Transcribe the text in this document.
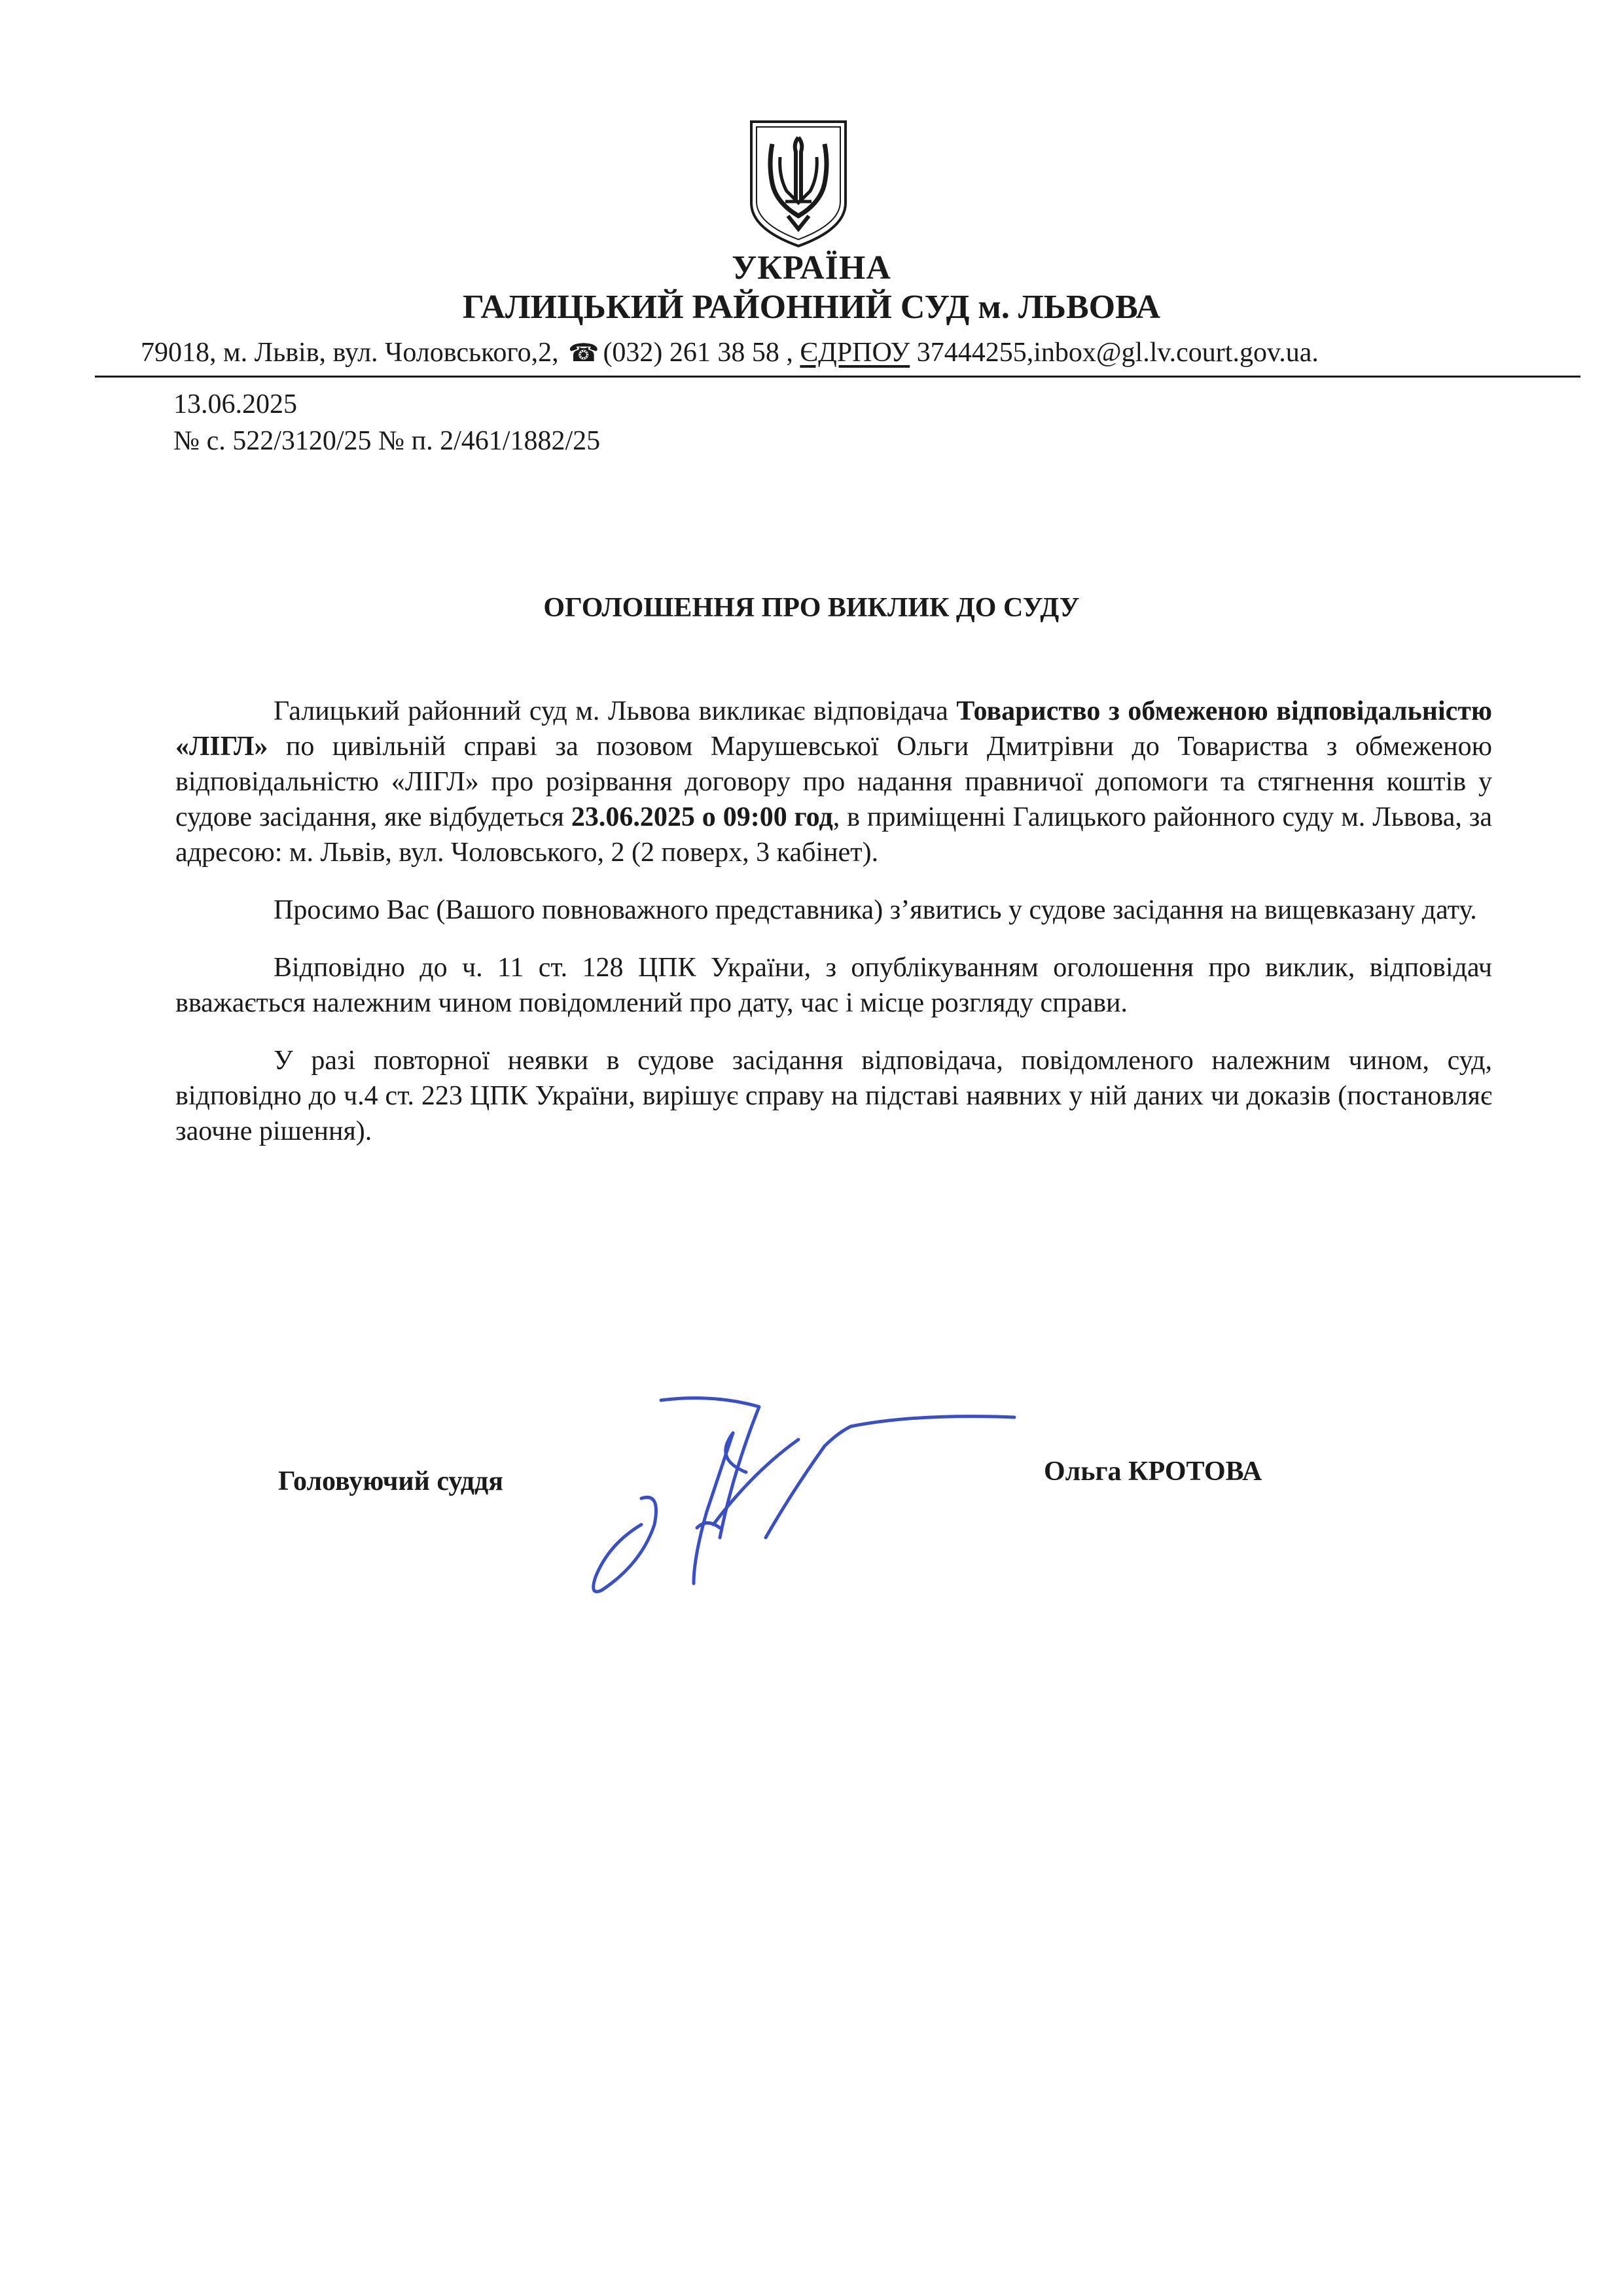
УКРАЇНА
ГАЛИЦЬКИЙ РАЙОННИЙ СУД м. ЛЬВОВА
79018, м. Львів, вул. Чоловського,2, ☎ (032) 261 38 58 , ЄДРПОУ 37444255,inbox@gl.lv.court.gov.ua.
13.06.2025
№ с. 522/3120/25 № п. 2/461/1882/25
ОГОЛОШЕННЯ ПРО ВИКЛИК ДО СУДУ

Галицький районний суд м. Львова викликає відповідача Товариство з обмеженою відповідальністю «ЛІГЛ» по цивільній справі за позовом Марушевської Ольги Дмитрівни до Товариства з обмеженою відповідальністю «ЛІГЛ» про розірвання договору про надання правничої допомоги та стягнення коштів у судове засідання, яке відбудеться 23.06.2025 о 09:00 год, в приміщенні Галицького районного суду м. Львова, за адресою: м. Львів, вул. Чоловського, 2 (2 поверх, 3 кабінет).

Просимо Вас (Вашого повноважного представника) з’явитись у судове засідання на вищевказану дату.

Відповідно до ч. 11 ст. 128 ЦПК України, з опублікуванням оголошення про виклик, відповідач вважається належним чином повідомлений про дату, час і місце розгляду справи.

У разі повторної неявки в судове засідання відповідача, повідомленого належним чином, суд, відповідно до ч.4 ст. 223 ЦПК України, вирішує справу на підставі наявних у ній даних чи доказів (постановляє заочне рішення).

Головуючий суддя	Ольга КРОТОВА
